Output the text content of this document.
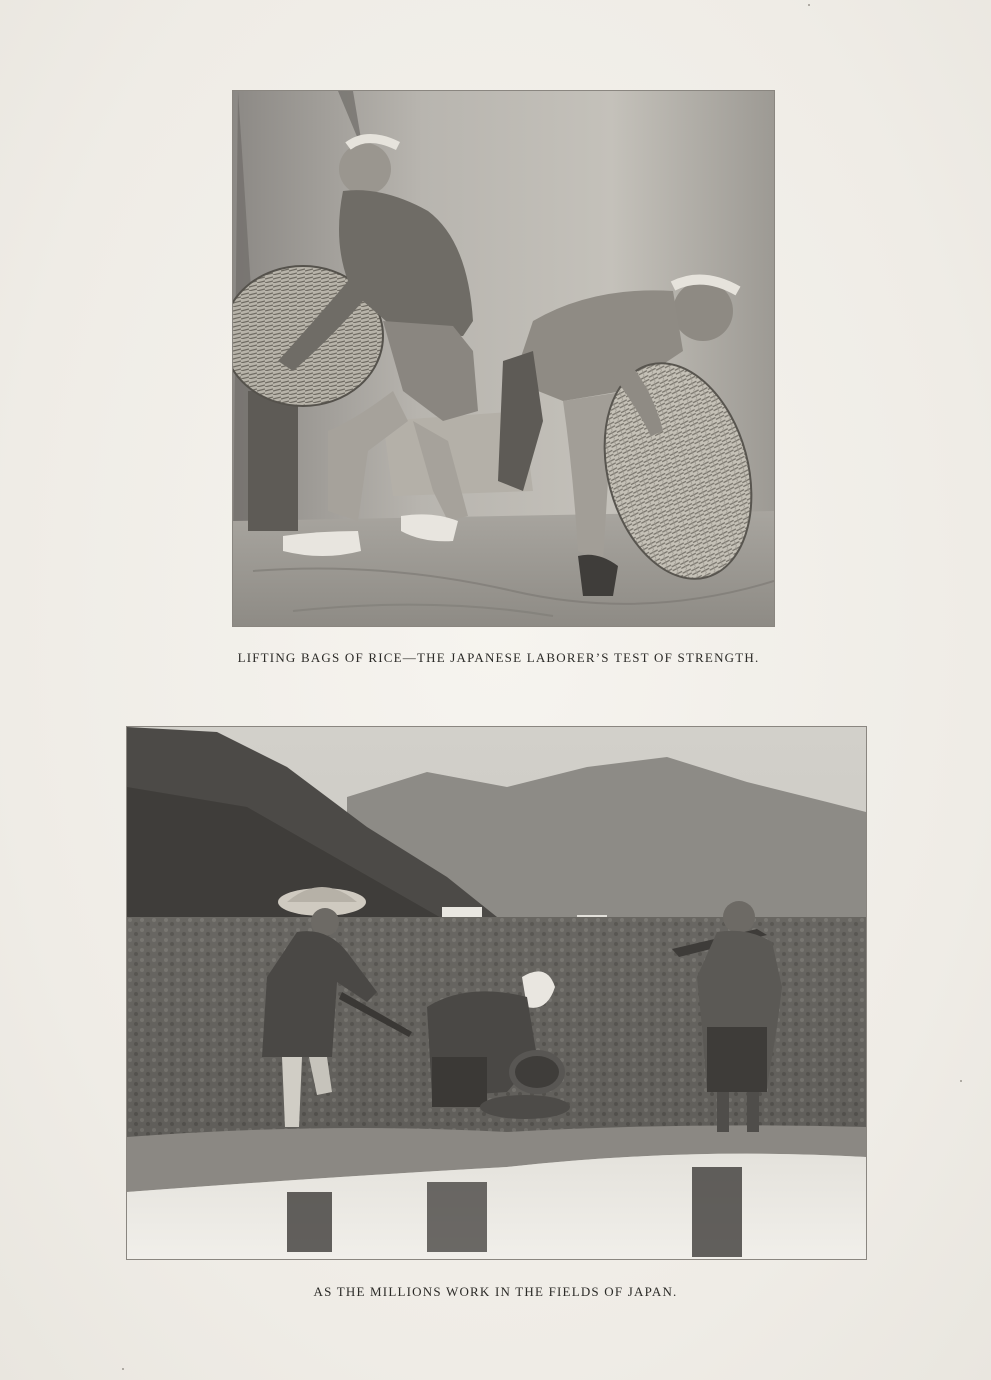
LIFTING BAGS OF RICE—THE JAPANESE LABORER’S TEST OF STRENGTH.
AS THE MILLIONS WORK IN THE FIELDS OF JAPAN.
